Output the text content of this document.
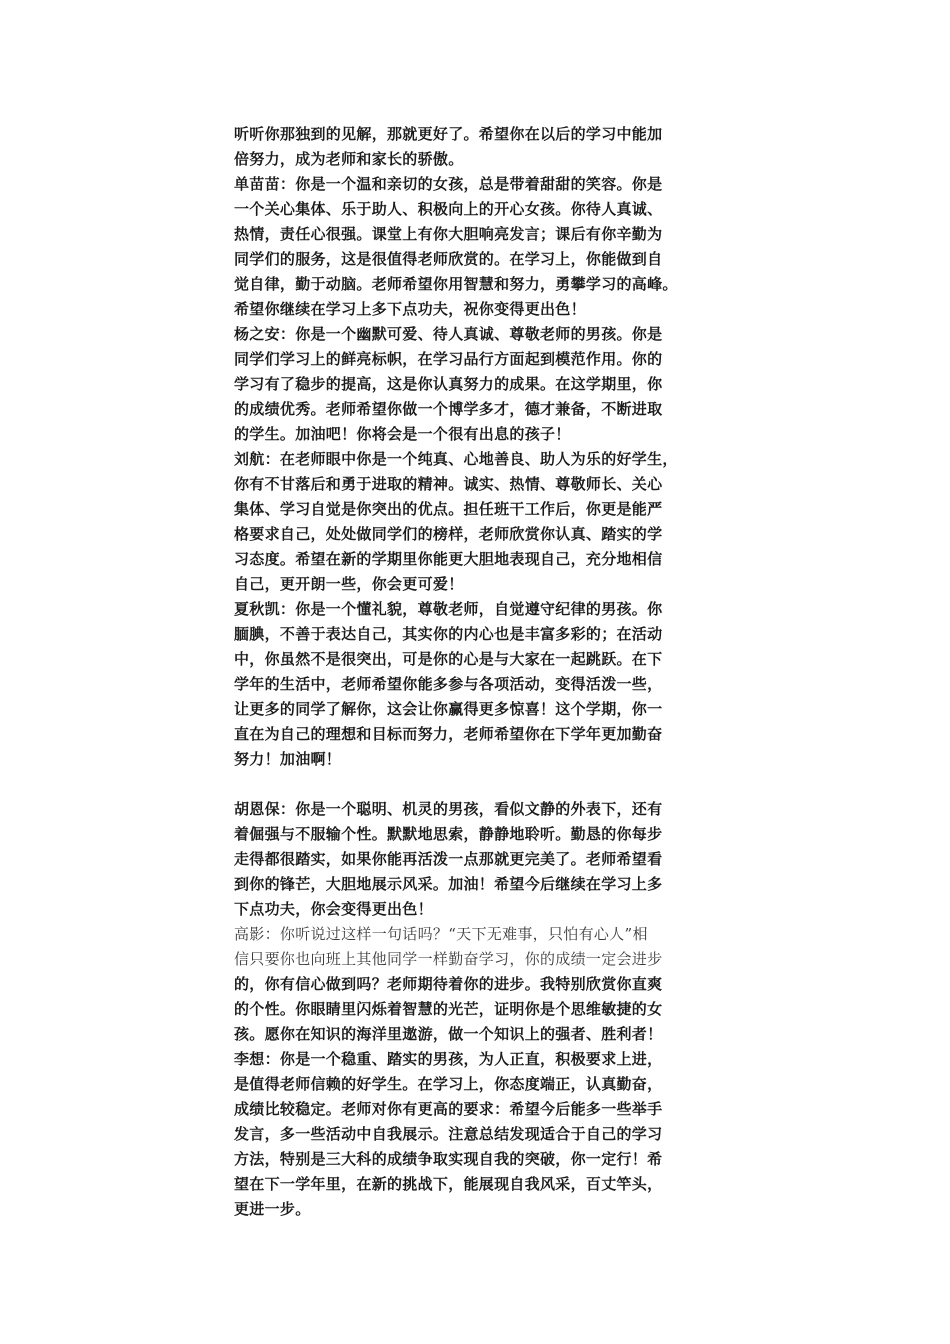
听听你那独到的见解，那就更好了。希望你在以后的学习中能加
倍努力，成为老师和家长的骄傲。
单苗苗：你是一个温和亲切的女孩，总是带着甜甜的笑容。你是
一个关心集体、乐于助人、积极向上的开心女孩。你待人真诚、
热情，责任心很强。课堂上有你大胆响亮发言；课后有你辛勤为
同学们的服务，这是很值得老师欣赏的。在学习上，你能做到自
觉自律，勤于动脑。老师希望你用智慧和努力，勇攀学习的高峰。
希望你继续在学习上多下点功夫，祝你变得更出色！
杨之安：你是一个幽默可爱、待人真诚、尊敬老师的男孩。你是
同学们学习上的鲜亮标帜，在学习品行方面起到模范作用。你的
学习有了稳步的提高，这是你认真努力的成果。在这学期里，你
的成绩优秀。老师希望你做一个博学多才，德才兼备，不断进取
的学生。加油吧！你将会是一个很有出息的孩子！
刘航：在老师眼中你是一个纯真、心地善良、助人为乐的好学生，
你有不甘落后和勇于进取的精神。诚实、热情、尊敬师长、关心
集体、学习自觉是你突出的优点。担任班干工作后，你更是能严
格要求自己，处处做同学们的榜样，老师欣赏你认真、踏实的学
习态度。希望在新的学期里你能更大胆地表现自己，充分地相信
自己，更开朗一些，你会更可爱！
夏秋凯：你是一个懂礼貌，尊敬老师，自觉遵守纪律的男孩。你
腼腆，不善于表达自己，其实你的内心也是丰富多彩的；在活动
中，你虽然不是很突出，可是你的心是与大家在一起跳跃。在下
学年的生活中，老师希望你能多参与各项活动，变得活泼一些，
让更多的同学了解你，这会让你赢得更多惊喜！这个学期，你一
直在为自己的理想和目标而努力，老师希望你在下学年更加勤奋
努力！加油啊！
胡恩保：你是一个聪明、机灵的男孩，看似文静的外表下，还有
着倔强与不服输个性。默默地思索，静静地聆听。勤恳的你每步
走得都很踏实，如果你能再活泼一点那就更完美了。老师希望看
到你的锋芒，大胆地展示风采。加油！希望今后继续在学习上多
下点功夫，你会变得更出色！
高影：你听说过这样一句话吗？“天下无难事，只怕有心人”相
信只要你也向班上其他同学一样勤奋学习，你的成绩一定会进步
的，你有信心做到吗？老师期待着你的进步。我特别欣赏你直爽
的个性。你眼睛里闪烁着智慧的光芒，证明你是个思维敏捷的女
孩。愿你在知识的海洋里遨游，做一个知识上的强者、胜利者！
李想：你是一个稳重、踏实的男孩，为人正直，积极要求上进，
是值得老师信赖的好学生。在学习上，你态度端正，认真勤奋，
成绩比较稳定。老师对你有更高的要求：希望今后能多一些举手
发言，多一些活动中自我展示。注意总结发现适合于自己的学习
方法，特别是三大科的成绩争取实现自我的突破，你一定行！希
望在下一学年里，在新的挑战下，能展现自我风采，百丈竿头，
更进一步。
